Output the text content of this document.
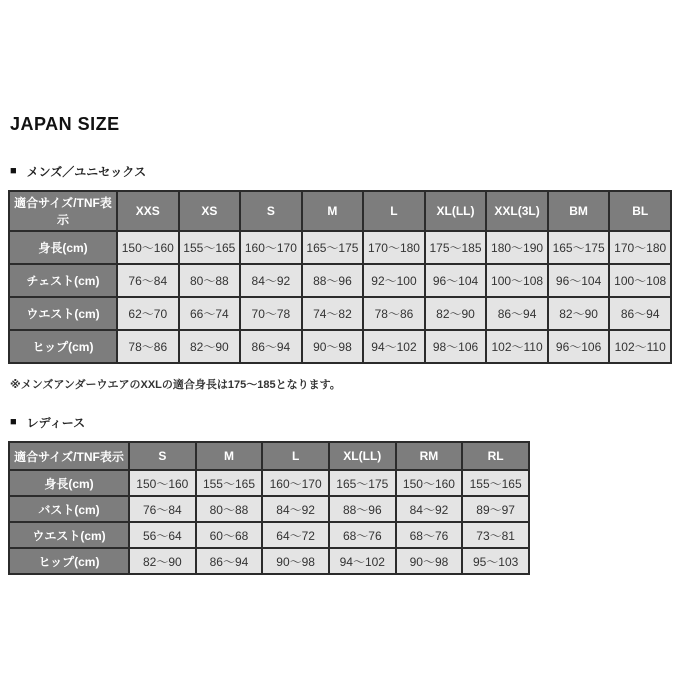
JAPAN SIZE
■ メンズ／ユニセックス
適合サイズ/TNF表示	XXS	XS	S	M	L	XL(LL)	XXL(3L)	BM	BL
身長(cm)	150～160	155～165	160～170	165～175	170～180	175～185	180～190	165～175	170～180
チェスト(cm)	76～84	80～88	84～92	88～96	92～100	96～104	100～108	96～104	100～108
ウエスト(cm)	62～70	66～74	70～78	74～82	78～86	82～90	86～94	82～90	86～94
ヒップ(cm)	78～86	82～90	86～94	90～98	94～102	98～106	102～110	96～106	102～110

※メンズアンダーウエアのXXLの適合身長は175～185となります。

■ レディース
適合サイズ/TNF表示	S	M	L	XL(LL)	RM	RL
身長(cm)	150～160	155～165	160～170	165～175	150～160	155～165
バスト(cm)	76～84	80～88	84～92	88～96	84～92	89～97
ウエスト(cm)	56～64	60～68	64～72	68～76	68～76	73～81
ヒップ(cm)	82～90	86～94	90～98	94～102	90～98	95～103
